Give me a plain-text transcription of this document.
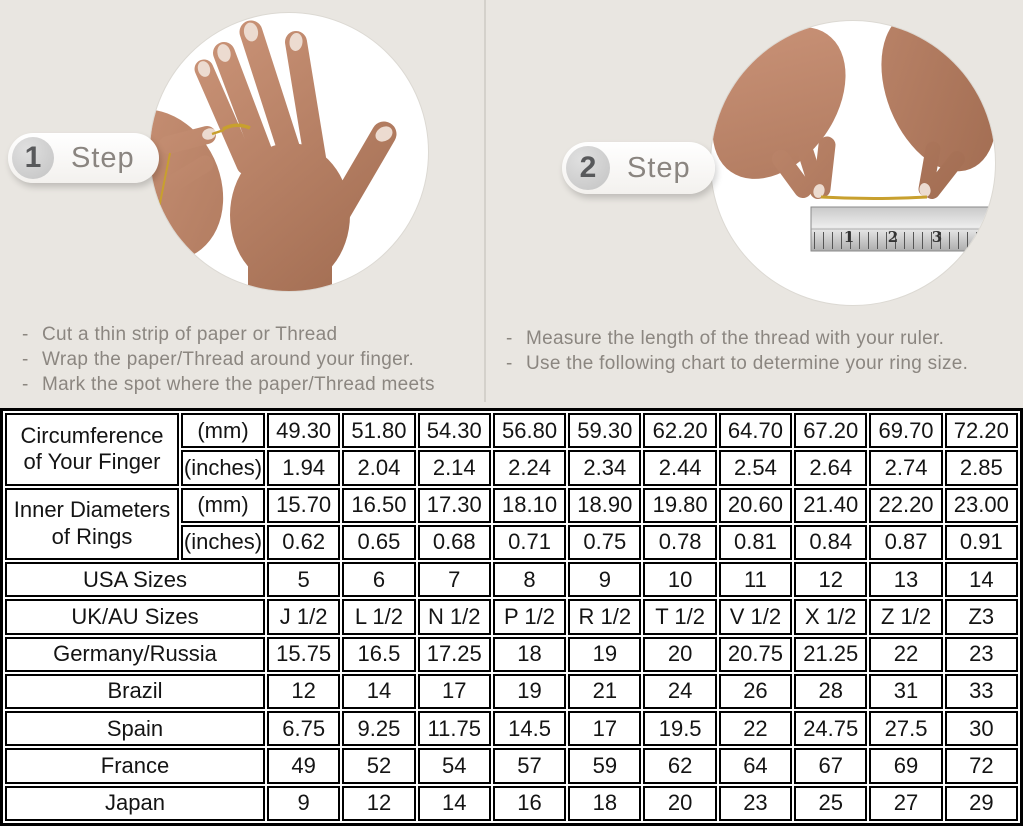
1 2 3
1	Step	2	Step
- Cut a thin strip of paper or Thread
- Wrap the paper/Thread around your finger.
- Mark the spot where the paper/Thread meets
- Measure the length of the thread with your ruler.
- Use the following chart to determine your ring size.
Circumference
of Your Finger	(mm)	49.30	51.80	54.30	56.80	59.30	62.20	64.70	67.20	69.70	72.20
	(inches)	1.94	2.04	2.14	2.24	2.34	2.44	2.54	2.64	2.74	2.85

Inner Diameters
of Rings	(mm)	15.70	16.50	17.30	18.10	18.90	19.80	20.60	21.40	22.20	23.00
	(inches)	0.62	0.65	0.68	0.71	0.75	0.78	0.81	0.84	0.87	0.91
USA Sizes		5	6	7	8	9	10	11	12	13	14
UK/AU Sizes		J 1/2	L 1/2	N 1/2	P 1/2	R 1/2	T 1/2	V 1/2	X 1/2	Z 1/2	Z3
Germany/Russia		15.75	16.5	17.25	18	19	20	20.75	21.25	22	23
Brazil		12	14	17	19	21	24	26	28	31	33
Spain		6.75	9.25	11.75	14.5	17	19.5	22	24.75	27.5	30
France		49	52	54	57	59	62	64	67	69	72
Japan		9	12	14	16	18	20	23	25	27	29
